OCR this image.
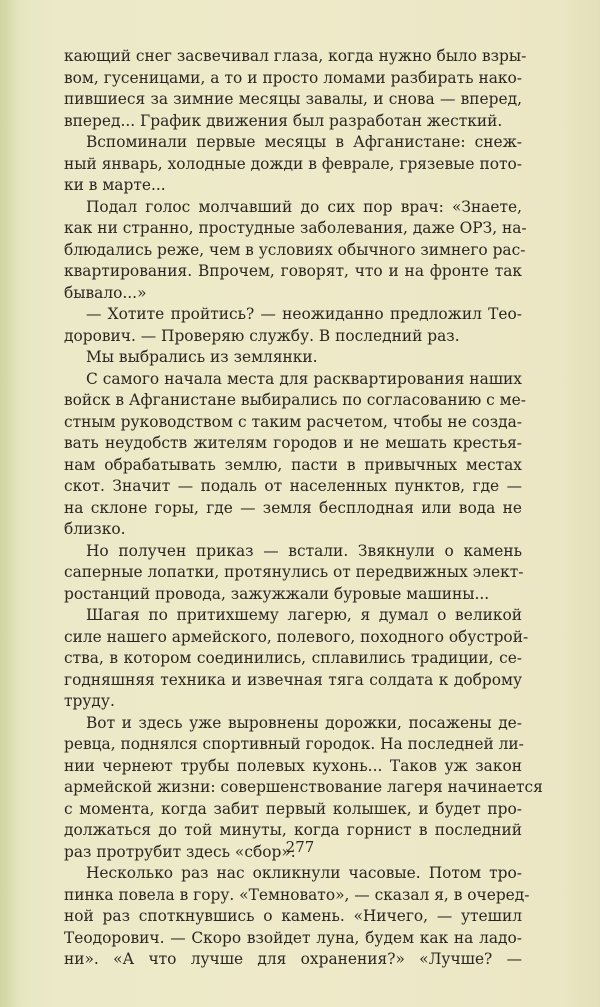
кающий снег засвечивал глаза, когда нужно было взры-
вом, гусеницами, а то и просто ломами разбирать нако-
пившиеся за зимние месяцы завалы, и снова — вперед,
вперед... График движения был разработан жесткий.
Вспоминали первые месяцы в Афганистане: снеж-
ный январь, холодные дожди в феврале, грязевые пото-
ки в марте...
Подал голос молчавший до сих пор врач: «Знаете,
как ни странно, простудные заболевания, даже ОРЗ, на-
блюдались реже, чем в условиях обычного зимнего рас-
квартирования. Впрочем, говорят, что и на фронте так
бывало...»
— Хотите пройтись? — неожиданно предложил Тео-
дорович. — Проверяю службу. В последний раз.
Мы выбрались из землянки.
С самого начала места для расквартирования наших
войск в Афганистане выбирались по согласованию с ме-
стным руководством с таким расчетом, чтобы не созда-
вать неудобств жителям городов и не мешать крестья-
нам обрабатывать землю, пасти в привычных местах
скот. Значит — подаль от населенных пунктов, где —
на склоне горы, где — земля бесплодная или вода не
близко.
Но получен приказ — встали. Звякнули о камень
саперные лопатки, протянулись от передвижных элект-
ростанций провода, зажужжали буровые машины...
Шагая по притихшему лагерю, я думал о великой
силе нашего армейского, полевого, походного обустрой-
ства, в котором соединились, сплавились традиции, се-
годняшняя техника и извечная тяга солдата к доброму
труду.
Вот и здесь уже выровнены дорожки, посажены де-
ревца, поднялся спортивный городок. На последней ли-
нии чернеют трубы полевых кухонь... Таков уж закон
армейской жизни: совершенствование лагеря начинается
с момента, когда забит первый колышек, и будет про-
должаться до той минуты, когда горнист в последний
раз протрубит здесь «сбор».
Несколько раз нас окликнули часовые. Потом тро-
пинка повела в гору. «Темновато», — сказал я, в очеред-
ной раз споткнувшись о камень. «Ничего, — утешил
Теодорович. — Скоро взойдет луна, будем как на ладо-
ни». «А что лучше для охранения?» «Лучше? —
277
